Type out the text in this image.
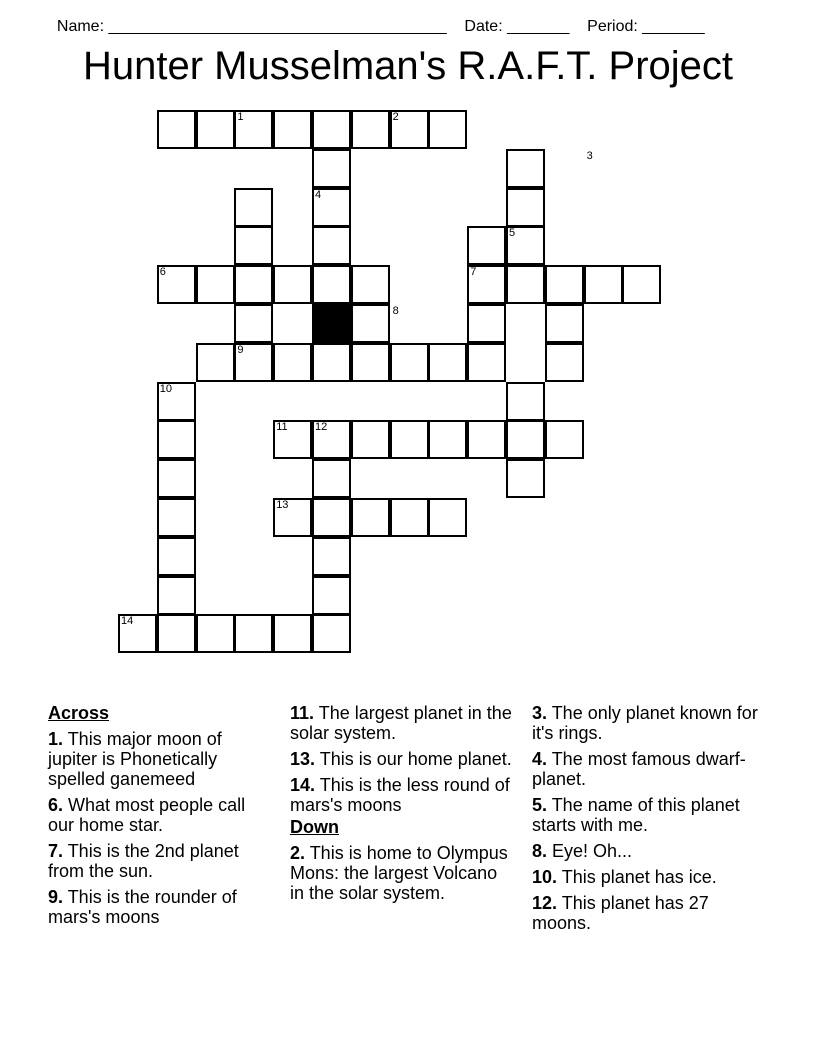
Name: ______________________________________ Date: _______ Period: _______

Hunter Musselman's R.A.F.T. Project
1	2
3
4
5
6	7
8
9
10
11 12
13
14
Across
1. This major moon of jupiter is Phonetically spelled ganemeed
6. What most people call our home star.
7. This is the 2nd planet from the sun.
9. This is the rounder of mars's moons
11. The largest planet in the solar system.
13. This is our home planet.
14. This is the less round of mars's moons
Down
2. This is home to Olympus Mons: the largest Volcano in the solar system.
3. The only planet known for it's rings.
4. The most famous dwarf-planet.
5. The name of this planet starts with me.
8. Eye! Oh...
10. This planet has ice.
12. This planet has 27 moons.
